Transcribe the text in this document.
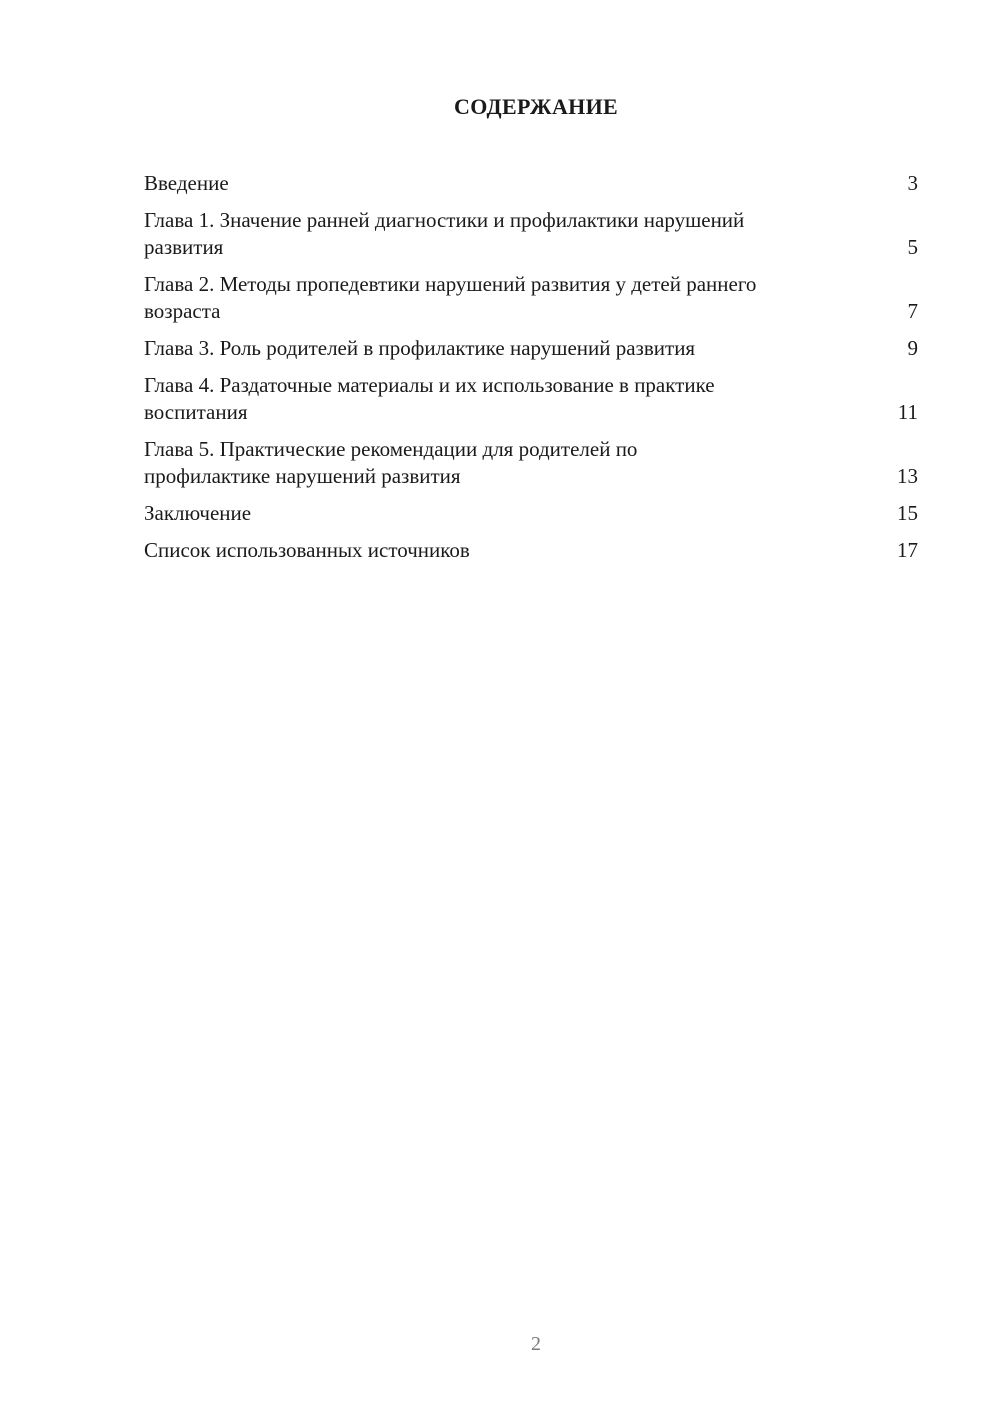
СОДЕРЖАНИЕ
Введение	3
Глава 1. Значение ранней диагностики и профилактики нарушений развития	5
Глава 2. Методы пропедевтики нарушений развития у детей раннего возраста	7
Глава 3. Роль родителей в профилактике нарушений развития	9
Глава 4. Раздаточные материалы и их использование в практике воспитания	11
Глава 5. Практические рекомендации для родителей по профилактике нарушений развития	13
Заключение	15
Список использованных источников	17
2
